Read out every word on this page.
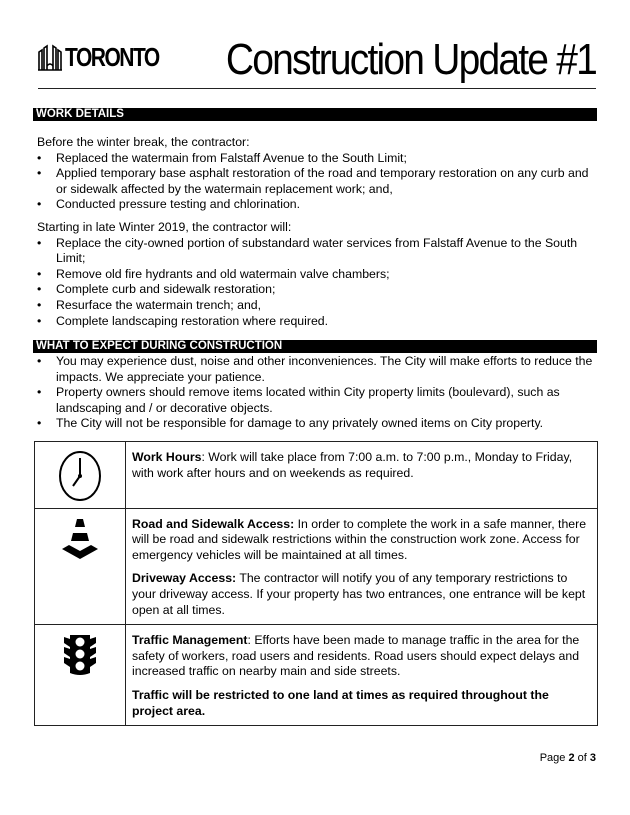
TORONTO Construction Update #1
WORK DETAILS

Before the winter break, the contractor:

• Replaced the watermain from Falstaff Avenue to the South Limit;
• Applied temporary base asphalt restoration of the road and temporary restoration on any curb and or sidewalk affected by the watermain replacement work; and,
• Conducted pressure testing and chlorination.

Starting in late Winter 2019, the contractor will:

• Replace the city-owned portion of substandard water services from Falstaff Avenue to the South Limit;
• Remove old fire hydrants and old watermain valve chambers;
• Complete curb and sidewalk restoration;
• Resurface the watermain trench; and,
• Complete landscaping restoration where required.
WHAT TO EXPECT DURING CONSTRUCTION
• You may experience dust, noise and other inconveniences. The City will make efforts to reduce the impacts. We appreciate your patience.
• Property owners should remove items located within City property limits (boulevard), such as landscaping and / or decorative objects.
• The City will not be responsible for damage to any privately owned items on City property.

Work Hours: Work will take place from 7:00 a.m. to 7:00 p.m., Monday to Friday, with work after hours and on weekends as required.

Road and Sidewalk Access: In order to complete the work in a safe manner, there will be road and sidewalk restrictions within the construction work zone. Access for emergency vehicles will be maintained at all times.

Driveway Access: The contractor will notify you of any temporary restrictions to your driveway access. If your property has two entrances, one entrance will be kept open at all times.

Traffic Management: Efforts have been made to manage traffic in the area for the safety of workers, road users and residents. Road users should expect delays and increased traffic on nearby main and side streets.

Traffic will be restricted to one land at times as required throughout the project area.

Page 2 of 3
